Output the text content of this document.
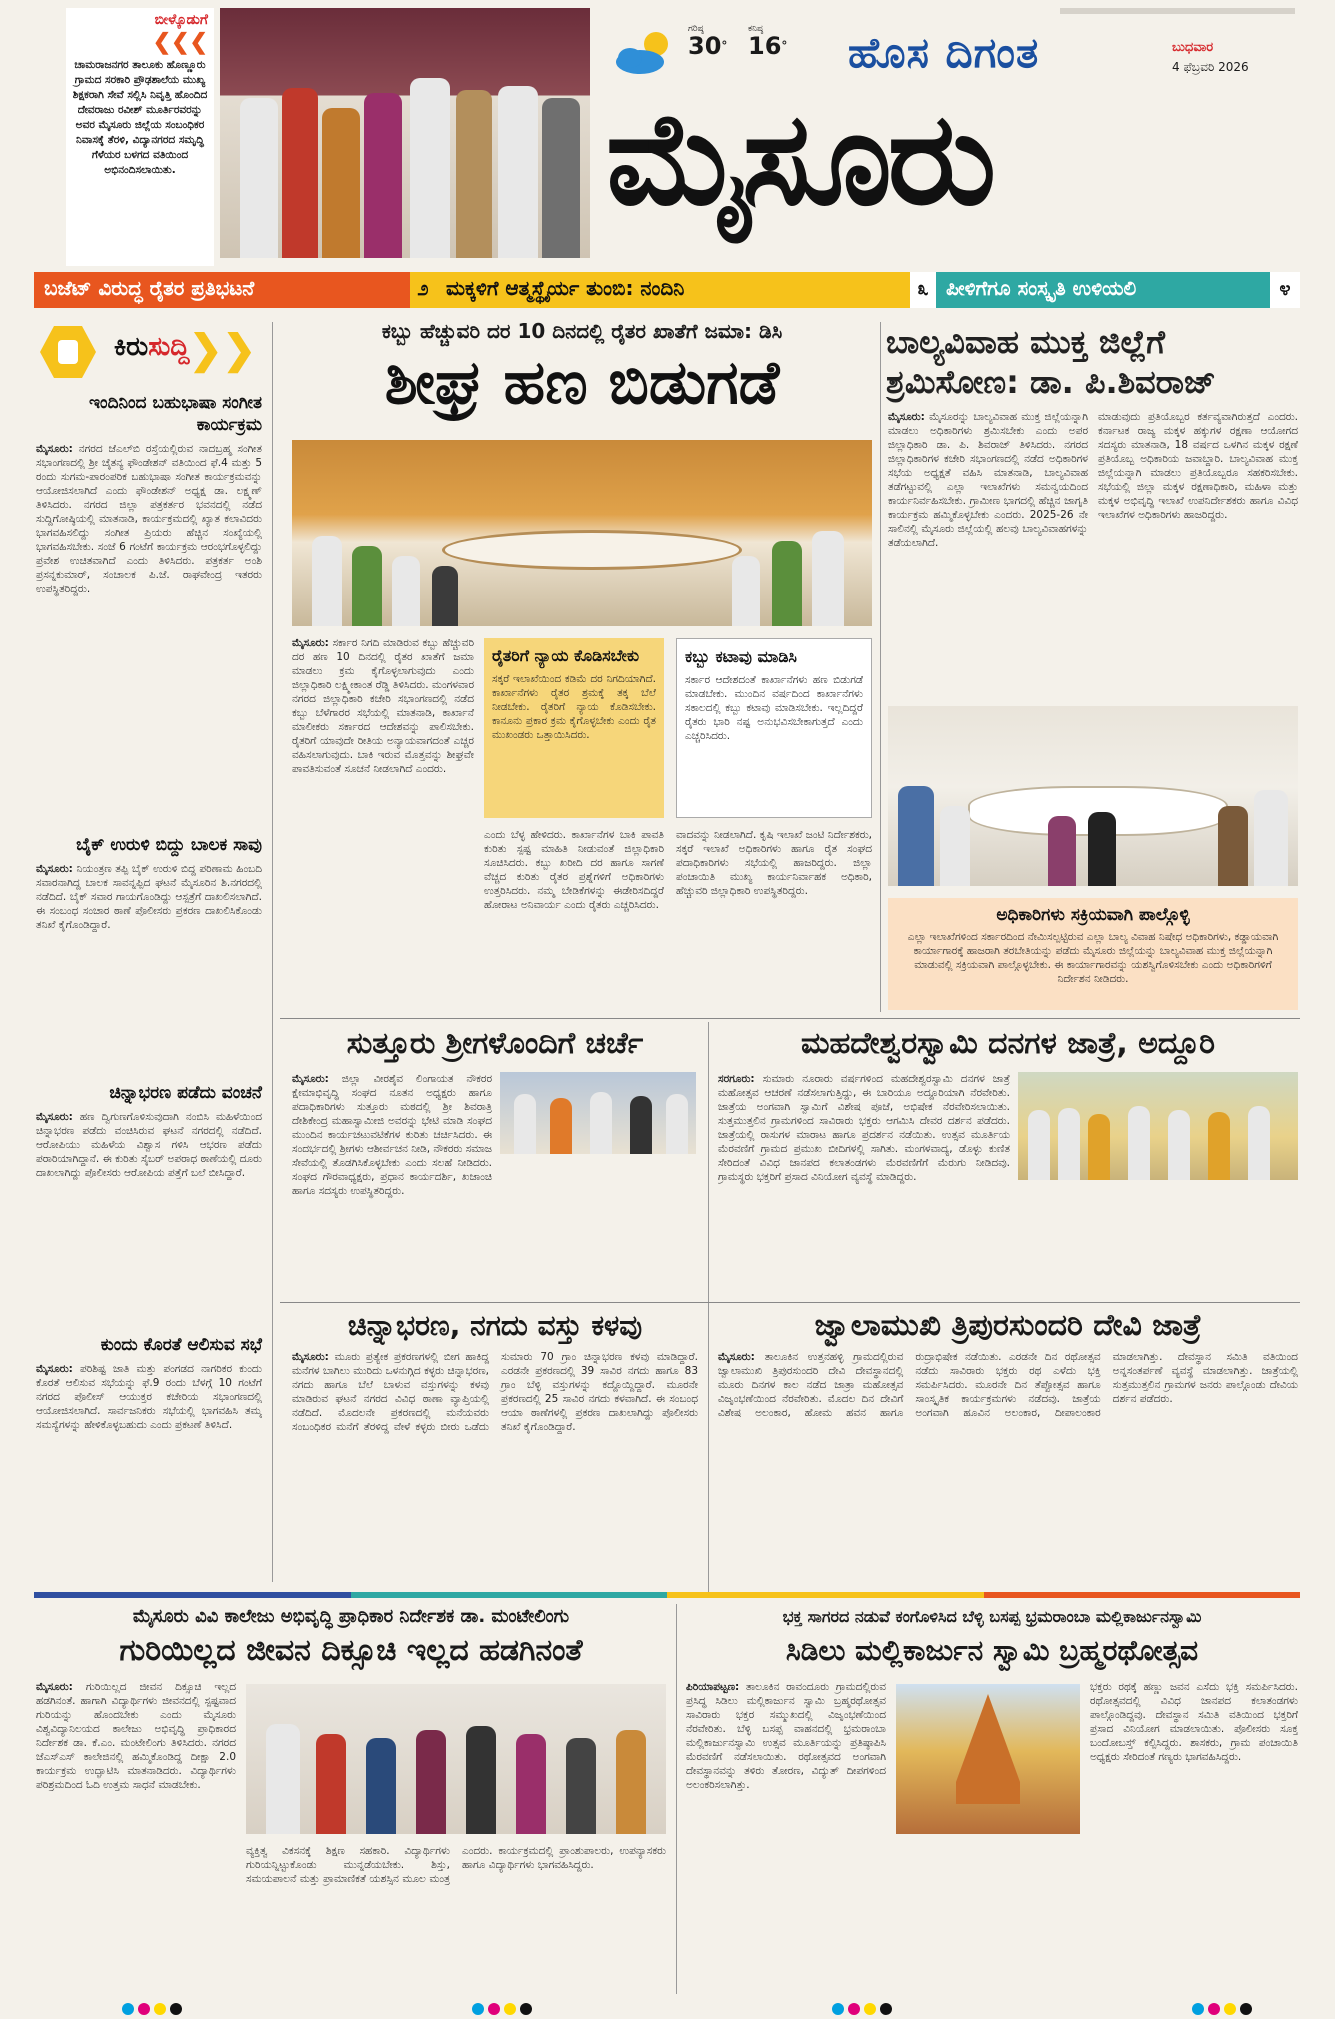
ಬೀಳ್ಕೊಡುಗೆ
❮❮❮
ಚಾಮರಾಜನಗರ ತಾಲೂಕು ಹೊಣ್ಣೂರು ಗ್ರಾಮದ ಸರಕಾರಿ ಪ್ರೌಢಶಾಲೆಯ ಮುಖ್ಯ ಶಿಕ್ಷಕರಾಗಿ ಸೇವೆ ಸಲ್ಲಿಸಿ ನಿವೃತ್ತಿ ಹೊಂದಿದ ದೇವರಾಜು ರವೀಶ್ ಮೂರ್ತಿರವರನ್ನು ಅವರ ಮೈಸೂರು ಜಿಲ್ಲೆಯ ಸಂಬಂಧಿಕರ ನಿವಾಸಕ್ಕೆ ತೆರಳಿ, ವಿದ್ಯಾನಗರದ ಸಮೃದ್ಧಿ ಗೆಳೆಯರ ಬಳಗದ ವತಿಯಿಂದ ಅಭಿನಂದಿಸಲಾಯಿತು.
ಗರಿಷ್ಠ
30°
ಕನಿಷ್ಠ
16° ಹೊಸ ದಿಗಂತ	ಬುಧವಾರ
4 ಫೆಬ್ರವರಿ 2026
ಮೈಸೂರು
ಬಜೆಟ್ ವಿರುದ್ಧ ರೈತರ ಪ್ರತಿಭಟನೆ	೨ ಮಕ್ಕಳಿಗೆ ಆತ್ಮಸ್ಥೈರ್ಯ ತುಂಬಿ: ನಂದಿನಿ	೩ ಪೀಳಿಗೆಗೂ ಸಂಸ್ಕೃತಿ ಉಳಿಯಲಿ	೪
ಕಿರುಸುದ್ದಿ ❯❯
ಇಂದಿನಿಂದ ಬಹುಭಾಷಾ ಸಂಗೀತ ಕಾರ್ಯಕ್ರಮ
ಮೈಸೂರು: ನಗರದ ಜೆಎಲ್‌ಬಿ ರಸ್ತೆಯಲ್ಲಿರುವ ನಾದಬ್ರಹ್ಮ ಸಂಗೀತ ಸಭಾಂಗಣದಲ್ಲಿ ಶ್ರೀ ಚೈತನ್ಯ ಫೌಂಡೇಶನ್ ವತಿಯಿಂದ ಫೆ.4 ಮತ್ತು 5 ರಂದು ಸುಗಮ-ಪಾರಂಪರಿಕ ಬಹುಭಾಷಾ ಸಂಗೀತ ಕಾರ್ಯಕ್ರಮವನ್ನು ಆಯೋಜಿಸಲಾಗಿದೆ ಎಂದು ಫೌಂಡೇಶನ್ ಅಧ್ಯಕ್ಷ ಡಾ. ಲಕ್ಷ್ಮಣ್ ತಿಳಿಸಿದರು. ನಗರದ ಜಿಲ್ಲಾ ಪತ್ರಕರ್ತರ ಭವನದಲ್ಲಿ ನಡೆದ ಸುದ್ದಿಗೋಷ್ಠಿಯಲ್ಲಿ ಮಾತನಾಡಿ, ಕಾರ್ಯಕ್ರಮದಲ್ಲಿ ಖ್ಯಾತ ಕಲಾವಿದರು ಭಾಗವಹಿಸಲಿದ್ದು ಸಂಗೀತ ಪ್ರಿಯರು ಹೆಚ್ಚಿನ ಸಂಖ್ಯೆಯಲ್ಲಿ ಭಾಗವಹಿಸಬೇಕು. ಸಂಜೆ 6 ಗಂಟೆಗೆ ಕಾರ್ಯಕ್ರಮ ಆರಂಭಗೊಳ್ಳಲಿದ್ದು ಪ್ರವೇಶ ಉಚಿತವಾಗಿದೆ ಎಂದು ತಿಳಿಸಿದರು. ಪತ್ರಕರ್ತ ಅಂಶಿ ಪ್ರಸನ್ನಕುಮಾರ್, ಸಂಚಾಲಕ ಪಿ.ಜೆ. ರಾಘವೇಂದ್ರ ಇತರರು ಉಪಸ್ಥಿತರಿದ್ದರು.
ಬೈಕ್ ಉರುಳಿ ಬಿದ್ದು ಬಾಲಕ ಸಾವು
ಮೈಸೂರು: ನಿಯಂತ್ರಣ ತಪ್ಪಿ ಬೈಕ್ ಉರುಳಿ ಬಿದ್ದ ಪರಿಣಾಮ ಹಿಂಬದಿ ಸವಾರನಾಗಿದ್ದ ಬಾಲಕ ಸಾವನ್ನಪ್ಪಿದ ಘಟನೆ ಮೈಸೂರಿನ ಶಿ.ನಗರದಲ್ಲಿ ನಡೆದಿದೆ. ಬೈಕ್ ಸವಾರ ಗಾಯಗೊಂಡಿದ್ದು ಆಸ್ಪತ್ರೆಗೆ ದಾಖಲಿಸಲಾಗಿದೆ. ಈ ಸಂಬಂಧ ಸಂಚಾರ ಠಾಣೆ ಪೊಲೀಸರು ಪ್ರಕರಣ ದಾಖಲಿಸಿಕೊಂಡು ತನಿಖೆ ಕೈಗೊಂಡಿದ್ದಾರೆ.
ಚಿನ್ನಾಭರಣ ಪಡೆದು ವಂಚನೆ
ಮೈಸೂರು: ಹಣ ದ್ವಿಗುಣಗೊಳಿಸುವುದಾಗಿ ನಂಬಿಸಿ ಮಹಿಳೆಯಿಂದ ಚಿನ್ನಾಭರಣ ಪಡೆದು ವಂಚಿಸಿರುವ ಘಟನೆ ನಗರದಲ್ಲಿ ನಡೆದಿದೆ. ಆರೋಪಿಯು ಮಹಿಳೆಯ ವಿಶ್ವಾಸ ಗಳಿಸಿ ಆಭರಣ ಪಡೆದು ಪರಾರಿಯಾಗಿದ್ದಾನೆ. ಈ ಕುರಿತು ಸೈಬರ್ ಅಪರಾಧ ಠಾಣೆಯಲ್ಲಿ ದೂರು ದಾಖಲಾಗಿದ್ದು ಪೊಲೀಸರು ಆರೋಪಿಯ ಪತ್ತೆಗೆ ಬಲೆ ಬೀಸಿದ್ದಾರೆ.
ಕುಂದು ಕೊರತೆ ಆಲಿಸುವ ಸಭೆ
ಮೈಸೂರು: ಪರಿಶಿಷ್ಟ ಜಾತಿ ಮತ್ತು ಪಂಗಡದ ನಾಗರಿಕರ ಕುಂದು ಕೊರತೆ ಆಲಿಸುವ ಸಭೆಯನ್ನು ಫೆ.9 ರಂದು ಬೆಳಗ್ಗೆ 10 ಗಂಟೆಗೆ ನಗರದ ಪೊಲೀಸ್ ಆಯುಕ್ತರ ಕಚೇರಿಯ ಸಭಾಂಗಣದಲ್ಲಿ ಆಯೋಜಿಸಲಾಗಿದೆ. ಸಾರ್ವಜನಿಕರು ಸಭೆಯಲ್ಲಿ ಭಾಗವಹಿಸಿ ತಮ್ಮ ಸಮಸ್ಯೆಗಳನ್ನು ಹೇಳಿಕೊಳ್ಳಬಹುದು ಎಂದು ಪ್ರಕಟಣೆ ತಿಳಿಸಿದೆ.
ಕಬ್ಬು ಹೆಚ್ಚುವರಿ ದರ 10 ದಿನದಲ್ಲಿ ರೈತರ ಖಾತೆಗೆ ಜಮಾ: ಡಿಸಿ
ಶೀಘ್ರ ಹಣ ಬಿಡುಗಡೆ
ಮೈಸೂರು: ಸರ್ಕಾರ ನಿಗದಿ ಮಾಡಿರುವ ಕಬ್ಬು ಹೆಚ್ಚುವರಿ ದರ ಹಣ 10 ದಿನದಲ್ಲಿ ರೈತರ ಖಾತೆಗೆ ಜಮಾ ಮಾಡಲು ಕ್ರಮ ಕೈಗೊಳ್ಳಲಾಗುವುದು ಎಂದು ಜಿಲ್ಲಾಧಿಕಾರಿ ಲಕ್ಷ್ಮೀಕಾಂತ ರೆಡ್ಡಿ ತಿಳಿಸಿದರು. ಮಂಗಳವಾರ ನಗರದ ಜಿಲ್ಲಾಧಿಕಾರಿ ಕಚೇರಿ ಸಭಾಂಗಣದಲ್ಲಿ ನಡೆದ ಕಬ್ಬು ಬೆಳೆಗಾರರ ಸಭೆಯಲ್ಲಿ ಮಾತನಾಡಿ, ಕಾರ್ಖಾನೆ ಮಾಲೀಕರು ಸರ್ಕಾರದ ಆದೇಶವನ್ನು ಪಾಲಿಸಬೇಕು. ರೈತರಿಗೆ ಯಾವುದೇ ರೀತಿಯ ಅನ್ಯಾಯವಾಗದಂತೆ ಎಚ್ಚರ ವಹಿಸಲಾಗುವುದು. ಬಾಕಿ ಇರುವ ಮೊತ್ತವನ್ನು ಶೀಘ್ರವೇ ಪಾವತಿಸುವಂತೆ ಸೂಚನೆ ನೀಡಲಾಗಿದೆ ಎಂದರು.
ರೈತರಿಗೆ ನ್ಯಾಯ ಕೊಡಿಸಬೇಕು
ಸಕ್ಕರೆ ಇಲಾಖೆಯಿಂದ ಕಡಿಮೆ ದರ ನಿಗದಿಯಾಗಿದೆ. ಕಾರ್ಖಾನೆಗಳು ರೈತರ ಶ್ರಮಕ್ಕೆ ತಕ್ಕ ಬೆಲೆ ನೀಡಬೇಕು. ರೈತರಿಗೆ ನ್ಯಾಯ ಕೊಡಿಸಬೇಕು. ಕಾನೂನು ಪ್ರಕಾರ ಕ್ರಮ ಕೈಗೊಳ್ಳಬೇಕು ಎಂದು ರೈತ ಮುಖಂಡರು ಒತ್ತಾಯಿಸಿದರು.
ಕಬ್ಬು ಕಟಾವು ಮಾಡಿಸಿ
ಸರ್ಕಾರ ಆದೇಶದಂತೆ ಕಾರ್ಖಾನೆಗಳು ಹಣ ಬಿಡುಗಡೆ ಮಾಡಬೇಕು. ಮುಂದಿನ ವರ್ಷದಿಂದ ಕಾರ್ಖಾನೆಗಳು ಸಕಾಲದಲ್ಲಿ ಕಬ್ಬು ಕಟಾವು ಮಾಡಿಸಬೇಕು. ಇಲ್ಲದಿದ್ದರೆ ರೈತರು ಭಾರಿ ನಷ್ಟ ಅನುಭವಿಸಬೇಕಾಗುತ್ತದೆ ಎಂದು ಎಚ್ಚರಿಸಿದರು.
ಎಂದು ಬೆಳ್ಳ ಹೇಳಿದರು. ಕಾರ್ಖಾನೆಗಳ ಬಾಕಿ ಪಾವತಿ ಕುರಿತು ಸ್ಪಷ್ಟ ಮಾಹಿತಿ ನೀಡುವಂತೆ ಜಿಲ್ಲಾಧಿಕಾರಿ ಸೂಚಿಸಿದರು. ಕಬ್ಬು ಖರೀದಿ ದರ ಹಾಗೂ ಸಾಗಣೆ ವೆಚ್ಚದ ಕುರಿತು ರೈತರ ಪ್ರಶ್ನೆಗಳಿಗೆ ಅಧಿಕಾರಿಗಳು ಉತ್ತರಿಸಿದರು. ನಮ್ಮ ಬೇಡಿಕೆಗಳನ್ನು ಈಡೇರಿಸದಿದ್ದರೆ ಹೋರಾಟ ಅನಿವಾರ್ಯ ಎಂದು ರೈತರು ಎಚ್ಚರಿಸಿದರು.
ವಾದವನ್ನು ನೀಡಲಾಗಿದೆ. ಕೃಷಿ ಇಲಾಖೆ ಜಂಟಿ ನಿರ್ದೇಶಕರು, ಸಕ್ಕರೆ ಇಲಾಖೆ ಅಧಿಕಾರಿಗಳು ಹಾಗೂ ರೈತ ಸಂಘದ ಪದಾಧಿಕಾರಿಗಳು ಸಭೆಯಲ್ಲಿ ಹಾಜರಿದ್ದರು. ಜಿಲ್ಲಾ ಪಂಚಾಯಿತಿ ಮುಖ್ಯ ಕಾರ್ಯನಿರ್ವಾಹಕ ಅಧಿಕಾರಿ, ಹೆಚ್ಚುವರಿ ಜಿಲ್ಲಾಧಿಕಾರಿ ಉಪಸ್ಥಿತರಿದ್ದರು.
ಬಾಲ್ಯವಿವಾಹ ಮುಕ್ತ ಜಿಲ್ಲೆಗೆ
ಶ್ರಮಿಸೋಣ: ಡಾ. ಪಿ.ಶಿವರಾಜ್
ಮೈಸೂರು: ಮೈಸೂರನ್ನು ಬಾಲ್ಯವಿವಾಹ ಮುಕ್ತ ಜಿಲ್ಲೆಯನ್ನಾಗಿ ಮಾಡಲು ಅಧಿಕಾರಿಗಳು ಶ್ರಮಿಸಬೇಕು ಎಂದು ಅಪರ ಜಿಲ್ಲಾಧಿಕಾರಿ ಡಾ. ಪಿ. ಶಿವರಾಜ್ ತಿಳಿಸಿದರು. ನಗರದ ಜಿಲ್ಲಾಧಿಕಾರಿಗಳ ಕಚೇರಿ ಸಭಾಂಗಣದಲ್ಲಿ ನಡೆದ ಅಧಿಕಾರಿಗಳ ಸಭೆಯ ಅಧ್ಯಕ್ಷತೆ ವಹಿಸಿ ಮಾತನಾಡಿ, ಬಾಲ್ಯವಿವಾಹ ತಡೆಗಟ್ಟುವಲ್ಲಿ ಎಲ್ಲಾ ಇಲಾಖೆಗಳು ಸಮನ್ವಯದಿಂದ ಕಾರ್ಯನಿರ್ವಹಿಸಬೇಕು. ಗ್ರಾಮೀಣ ಭಾಗದಲ್ಲಿ ಹೆಚ್ಚಿನ ಜಾಗೃತಿ ಕಾರ್ಯಕ್ರಮ ಹಮ್ಮಿಕೊಳ್ಳಬೇಕು ಎಂದರು. 2025-26 ನೇ ಸಾಲಿನಲ್ಲಿ ಮೈಸೂರು ಜಿಲ್ಲೆಯಲ್ಲಿ ಹಲವು ಬಾಲ್ಯವಿವಾಹಗಳನ್ನು ತಡೆಯಲಾಗಿದೆ.
ಮಾಡುವುದು ಪ್ರತಿಯೊಬ್ಬರ ಕರ್ತವ್ಯವಾಗಿರುತ್ತದೆ ಎಂದರು. ಕರ್ನಾಟಕ ರಾಜ್ಯ ಮಕ್ಕಳ ಹಕ್ಕುಗಳ ರಕ್ಷಣಾ ಆಯೋಗದ ಸದಸ್ಯರು ಮಾತನಾಡಿ, 18 ವರ್ಷದ ಒಳಗಿನ ಮಕ್ಕಳ ರಕ್ಷಣೆ ಪ್ರತಿಯೊಬ್ಬ ಅಧಿಕಾರಿಯ ಜವಾಬ್ದಾರಿ. ಬಾಲ್ಯವಿವಾಹ ಮುಕ್ತ ಜಿಲ್ಲೆಯನ್ನಾಗಿ ಮಾಡಲು ಪ್ರತಿಯೊಬ್ಬರೂ ಸಹಕರಿಸಬೇಕು. ಸಭೆಯಲ್ಲಿ ಜಿಲ್ಲಾ ಮಕ್ಕಳ ರಕ್ಷಣಾಧಿಕಾರಿ, ಮಹಿಳಾ ಮತ್ತು ಮಕ್ಕಳ ಅಭಿವೃದ್ಧಿ ಇಲಾಖೆ ಉಪನಿರ್ದೇಶಕರು ಹಾಗೂ ವಿವಿಧ ಇಲಾಖೆಗಳ ಅಧಿಕಾರಿಗಳು ಹಾಜರಿದ್ದರು.
ಅಧಿಕಾರಿಗಳು ಸಕ್ರಿಯವಾಗಿ ಪಾಲ್ಗೊಳ್ಳಿ
ಎಲ್ಲಾ ಇಲಾಖೆಗಳಿಂದ ಸರ್ಕಾರದಿಂದ ನೇಮಿಸಲ್ಪಟ್ಟಿರುವ ಎಲ್ಲಾ ಬಾಲ್ಯ ವಿವಾಹ ನಿಷೇಧ ಅಧಿಕಾರಿಗಳು, ಕಡ್ಡಾಯವಾಗಿ ಕಾರ್ಯಾಗಾರಕ್ಕೆ ಹಾಜರಾಗಿ ತರಬೇತಿಯನ್ನು ಪಡೆದು ಮೈಸೂರು ಜಿಲ್ಲೆಯನ್ನು ಬಾಲ್ಯವಿವಾಹ ಮುಕ್ತ ಜಿಲ್ಲೆಯನ್ನಾಗಿ ಮಾಡುವಲ್ಲಿ ಸಕ್ರಿಯವಾಗಿ ಪಾಲ್ಗೊಳ್ಳಬೇಕು. ಈ ಕಾರ್ಯಾಗಾರವನ್ನು ಯಶಸ್ವಿಗೊಳಿಸಬೇಕು ಎಂದು ಅಧಿಕಾರಿಗಳಿಗೆ ನಿರ್ದೇಶನ ನೀಡಿದರು.
ಸುತ್ತೂರು ಶ್ರೀಗಳೊಂದಿಗೆ ಚರ್ಚೆ
ಮೈಸೂರು: ಜಿಲ್ಲಾ ವೀರಶೈವ ಲಿಂಗಾಯತ ನೌಕರರ ಕ್ಷೇಮಾಭಿವೃದ್ಧಿ ಸಂಘದ ನೂತನ ಅಧ್ಯಕ್ಷರು ಹಾಗೂ ಪದಾಧಿಕಾರಿಗಳು ಸುತ್ತೂರು ಮಠದಲ್ಲಿ ಶ್ರೀ ಶಿವರಾತ್ರಿ ದೇಶಿಕೇಂದ್ರ ಮಹಾಸ್ವಾಮೀಜಿ ಅವರನ್ನು ಭೇಟಿ ಮಾಡಿ ಸಂಘದ ಮುಂದಿನ ಕಾರ್ಯಚಟುವಟಿಕೆಗಳ ಕುರಿತು ಚರ್ಚಿಸಿದರು. ಈ ಸಂದರ್ಭದಲ್ಲಿ ಶ್ರೀಗಳು ಆಶೀರ್ವಚನ ನೀಡಿ, ನೌಕರರು ಸಮಾಜ ಸೇವೆಯಲ್ಲಿ ತೊಡಗಿಸಿಕೊಳ್ಳಬೇಕು ಎಂದು ಸಲಹೆ ನೀಡಿದರು. ಸಂಘದ ಗೌರವಾಧ್ಯಕ್ಷರು, ಪ್ರಧಾನ ಕಾರ್ಯದರ್ಶಿ, ಖಜಾಂಚಿ ಹಾಗೂ ಸದಸ್ಯರು ಉಪಸ್ಥಿತರಿದ್ದರು.
ಮಹದೇಶ್ವರಸ್ವಾಮಿ ದನಗಳ ಜಾತ್ರೆ, ಅದ್ದೂರಿ
ಸರಗೂರು: ಸುಮಾರು ನೂರಾರು ವರ್ಷಗಳಿಂದ ಮಹದೇಶ್ವರಸ್ವಾಮಿ ದನಗಳ ಜಾತ್ರೆ ಮಹೋತ್ಸವ ಆಚರಣೆ ನಡೆಸಲಾಗುತ್ತಿದ್ದು, ಈ ಬಾರಿಯೂ ಅದ್ದೂರಿಯಾಗಿ ನೆರವೇರಿತು. ಜಾತ್ರೆಯ ಅಂಗವಾಗಿ ಸ್ವಾಮಿಗೆ ವಿಶೇಷ ಪೂಜೆ, ಅಭಿಷೇಕ ನೆರವೇರಿಸಲಾಯಿತು. ಸುತ್ತಮುತ್ತಲಿನ ಗ್ರಾಮಗಳಿಂದ ಸಾವಿರಾರು ಭಕ್ತರು ಆಗಮಿಸಿ ದೇವರ ದರ್ಶನ ಪಡೆದರು. ಜಾತ್ರೆಯಲ್ಲಿ ರಾಸುಗಳ ಮಾರಾಟ ಹಾಗೂ ಪ್ರದರ್ಶನ ನಡೆಯಿತು. ಉತ್ಸವ ಮೂರ್ತಿಯ ಮೆರವಣಿಗೆ ಗ್ರಾಮದ ಪ್ರಮುಖ ಬೀದಿಗಳಲ್ಲಿ ಸಾಗಿತು. ಮಂಗಳವಾದ್ಯ, ಡೊಳ್ಳು ಕುಣಿತ ಸೇರಿದಂತೆ ವಿವಿಧ ಜಾನಪದ ಕಲಾತಂಡಗಳು ಮೆರವಣಿಗೆಗೆ ಮೆರುಗು ನೀಡಿದವು. ಗ್ರಾಮಸ್ಥರು ಭಕ್ತರಿಗೆ ಪ್ರಸಾದ ವಿನಿಯೋಗ ವ್ಯವಸ್ಥೆ ಮಾಡಿದ್ದರು.
ಚಿನ್ನಾಭರಣ, ನಗದು ವಸ್ತು ಕಳವು
ಮೈಸೂರು: ಮೂರು ಪ್ರತ್ಯೇಕ ಪ್ರಕರಣಗಳಲ್ಲಿ ಬೀಗ ಹಾಕಿದ್ದ ಮನೆಗಳ ಬಾಗಿಲು ಮುರಿದು ಒಳನುಗ್ಗಿದ ಕಳ್ಳರು ಚಿನ್ನಾಭರಣ, ನಗದು ಹಾಗೂ ಬೆಲೆ ಬಾಳುವ ವಸ್ತುಗಳನ್ನು ಕಳವು ಮಾಡಿರುವ ಘಟನೆ ನಗರದ ವಿವಿಧ ಠಾಣಾ ವ್ಯಾಪ್ತಿಯಲ್ಲಿ ನಡೆದಿದೆ. ಮೊದಲನೇ ಪ್ರಕರಣದಲ್ಲಿ ಮನೆಯವರು ಸಂಬಂಧಿಕರ ಮನೆಗೆ ತೆರಳಿದ್ದ ವೇಳೆ ಕಳ್ಳರು ಬೀರು ಒಡೆದು ಸುಮಾರು 70 ಗ್ರಾಂ ಚಿನ್ನಾಭರಣ ಕಳವು ಮಾಡಿದ್ದಾರೆ. ಎರಡನೇ ಪ್ರಕರಣದಲ್ಲಿ 39 ಸಾವಿರ ನಗದು ಹಾಗೂ 83 ಗ್ರಾಂ ಬೆಳ್ಳಿ ವಸ್ತುಗಳನ್ನು ಕದ್ದೊಯ್ದಿದ್ದಾರೆ. ಮೂರನೇ ಪ್ರಕರಣದಲ್ಲಿ 25 ಸಾವಿರ ನಗದು ಕಳವಾಗಿದೆ. ಈ ಸಂಬಂಧ ಆಯಾ ಠಾಣೆಗಳಲ್ಲಿ ಪ್ರಕರಣ ದಾಖಲಾಗಿದ್ದು ಪೊಲೀಸರು ತನಿಖೆ ಕೈಗೊಂಡಿದ್ದಾರೆ.
ಜ್ವಾಲಾಮುಖಿ ತ್ರಿಪುರಸುಂದರಿ ದೇವಿ ಜಾತ್ರೆ
ಮೈಸೂರು: ತಾಲೂಕಿನ ಉತ್ತನಹಳ್ಳಿ ಗ್ರಾಮದಲ್ಲಿರುವ ಜ್ವಾಲಾಮುಖಿ ತ್ರಿಪುರಸುಂದರಿ ದೇವಿ ದೇವಸ್ಥಾನದಲ್ಲಿ ಮೂರು ದಿನಗಳ ಕಾಲ ನಡೆದ ಜಾತ್ರಾ ಮಹೋತ್ಸವ ವಿಜೃಂಭಣೆಯಿಂದ ನೆರವೇರಿತು. ಮೊದಲ ದಿನ ದೇವಿಗೆ ವಿಶೇಷ ಅಲಂಕಾರ, ಹೋಮ ಹವನ ಹಾಗೂ ರುದ್ರಾಭಿಷೇಕ ನಡೆಯಿತು. ಎರಡನೇ ದಿನ ರಥೋತ್ಸವ ನಡೆದು ಸಾವಿರಾರು ಭಕ್ತರು ರಥ ಎಳೆದು ಭಕ್ತಿ ಸಮರ್ಪಿಸಿದರು. ಮೂರನೇ ದಿನ ತೆಪ್ಪೋತ್ಸವ ಹಾಗೂ ಸಾಂಸ್ಕೃತಿಕ ಕಾರ್ಯಕ್ರಮಗಳು ನಡೆದವು. ಜಾತ್ರೆಯ ಅಂಗವಾಗಿ ಹೂವಿನ ಅಲಂಕಾರ, ದೀಪಾಲಂಕಾರ ಮಾಡಲಾಗಿತ್ತು. ದೇವಸ್ಥಾನ ಸಮಿತಿ ವತಿಯಿಂದ ಅನ್ನಸಂತರ್ಪಣೆ ವ್ಯವಸ್ಥೆ ಮಾಡಲಾಗಿತ್ತು. ಜಾತ್ರೆಯಲ್ಲಿ ಸುತ್ತಮುತ್ತಲಿನ ಗ್ರಾಮಗಳ ಜನರು ಪಾಲ್ಗೊಂಡು ದೇವಿಯ ದರ್ಶನ ಪಡೆದರು.
ಮೈಸೂರು ವಿವಿ ಕಾಲೇಜು ಅಭಿವೃದ್ಧಿ ಪ್ರಾಧಿಕಾರ ನಿರ್ದೇಶಕ ಡಾ. ಮಂಟೇಲಿಂಗು
ಗುರಿಯಿಲ್ಲದ ಜೀವನ ದಿಕ್ಸೂಚಿ ಇಲ್ಲದ ಹಡಗಿನಂತೆ
ಮೈಸೂರು: ಗುರಿಯಿಲ್ಲದ ಜೀವನ ದಿಕ್ಸೂಚಿ ಇಲ್ಲದ ಹಡಗಿನಂತೆ. ಹಾಗಾಗಿ ವಿದ್ಯಾರ್ಥಿಗಳು ಜೀವನದಲ್ಲಿ ಸ್ಪಷ್ಟವಾದ ಗುರಿಯನ್ನು ಹೊಂದಬೇಕು ಎಂದು ಮೈಸೂರು ವಿಶ್ವವಿದ್ಯಾನಿಲಯದ ಕಾಲೇಜು ಅಭಿವೃದ್ಧಿ ಪ್ರಾಧಿಕಾರದ ನಿರ್ದೇಶಕ ಡಾ. ಕೆ.ಎಂ. ಮಂಟೇಲಿಂಗು ತಿಳಿಸಿದರು. ನಗರದ ಜೆಎಸ್‌ಎಸ್ ಕಾಲೇಜಿನಲ್ಲಿ ಹಮ್ಮಿಕೊಂಡಿದ್ದ ದೀಕ್ಷಾ 2.0 ಕಾರ್ಯಕ್ರಮ ಉದ್ಘಾಟಿಸಿ ಮಾತನಾಡಿದರು. ವಿದ್ಯಾರ್ಥಿಗಳು ಪರಿಶ್ರಮದಿಂದ ಓದಿ ಉತ್ತಮ ಸಾಧನೆ ಮಾಡಬೇಕು.
ವ್ಯಕ್ತಿತ್ವ ವಿಕಸನಕ್ಕೆ ಶಿಕ್ಷಣ ಸಹಕಾರಿ. ವಿದ್ಯಾರ್ಥಿಗಳು ಗುರಿಯನ್ನಿಟ್ಟುಕೊಂಡು ಮುನ್ನಡೆಯಬೇಕು. ಶಿಸ್ತು, ಸಮಯಪಾಲನೆ ಮತ್ತು ಪ್ರಾಮಾಣಿಕತೆ ಯಶಸ್ಸಿನ ಮೂಲ ಮಂತ್ರ ಎಂದರು. ಕಾರ್ಯಕ್ರಮದಲ್ಲಿ ಪ್ರಾಂಶುಪಾಲರು, ಉಪನ್ಯಾಸಕರು ಹಾಗೂ ವಿದ್ಯಾರ್ಥಿಗಳು ಭಾಗವಹಿಸಿದ್ದರು.
ಭಕ್ತ ಸಾಗರದ ನಡುವೆ ಕಂಗೊಳಿಸಿದ ಬೆಳ್ಳಿ ಬಸಪ್ಪ ಭ್ರಮರಾಂಬಾ ಮಲ್ಲಿಕಾರ್ಜುನಸ್ವಾಮಿ
ಸಿಡಿಲು ಮಲ್ಲಿಕಾರ್ಜುನ ಸ್ವಾಮಿ ಬ್ರಹ್ಮರಥೋತ್ಸವ
ಪಿರಿಯಾಪಟ್ಟಣ: ತಾಲೂಕಿನ ರಾವಂದೂರು ಗ್ರಾಮದಲ್ಲಿರುವ ಪ್ರಸಿದ್ಧ ಸಿಡಿಲು ಮಲ್ಲಿಕಾರ್ಜುನ ಸ್ವಾಮಿ ಬ್ರಹ್ಮರಥೋತ್ಸವ ಸಾವಿರಾರು ಭಕ್ತರ ಸಮ್ಮುಖದಲ್ಲಿ ವಿಜೃಂಭಣೆಯಿಂದ ನೆರವೇರಿತು. ಬೆಳ್ಳಿ ಬಸಪ್ಪ ವಾಹನದಲ್ಲಿ ಭ್ರಮರಾಂಬಾ ಮಲ್ಲಿಕಾರ್ಜುನಸ್ವಾಮಿ ಉತ್ಸವ ಮೂರ್ತಿಯನ್ನು ಪ್ರತಿಷ್ಠಾಪಿಸಿ ಮೆರವಣಿಗೆ ನಡೆಸಲಾಯಿತು. ರಥೋತ್ಸವದ ಅಂಗವಾಗಿ ದೇವಸ್ಥಾನವನ್ನು ತಳಿರು ತೋರಣ, ವಿದ್ಯುತ್ ದೀಪಗಳಿಂದ ಅಲಂಕರಿಸಲಾಗಿತ್ತು.
ಭಕ್ತರು ರಥಕ್ಕೆ ಹಣ್ಣು ಜವನ ಎಸೆದು ಭಕ್ತಿ ಸಮರ್ಪಿಸಿದರು. ರಥೋತ್ಸವದಲ್ಲಿ ವಿವಿಧ ಜಾನಪದ ಕಲಾತಂಡಗಳು ಪಾಲ್ಗೊಂಡಿದ್ದವು. ದೇವಸ್ಥಾನ ಸಮಿತಿ ವತಿಯಿಂದ ಭಕ್ತರಿಗೆ ಪ್ರಸಾದ ವಿನಿಯೋಗ ಮಾಡಲಾಯಿತು. ಪೊಲೀಸರು ಸೂಕ್ತ ಬಂದೋಬಸ್ತ್ ಕಲ್ಪಿಸಿದ್ದರು. ಶಾಸಕರು, ಗ್ರಾಮ ಪಂಚಾಯಿತಿ ಅಧ್ಯಕ್ಷರು ಸೇರಿದಂತೆ ಗಣ್ಯರು ಭಾಗವಹಿಸಿದ್ದರು.
